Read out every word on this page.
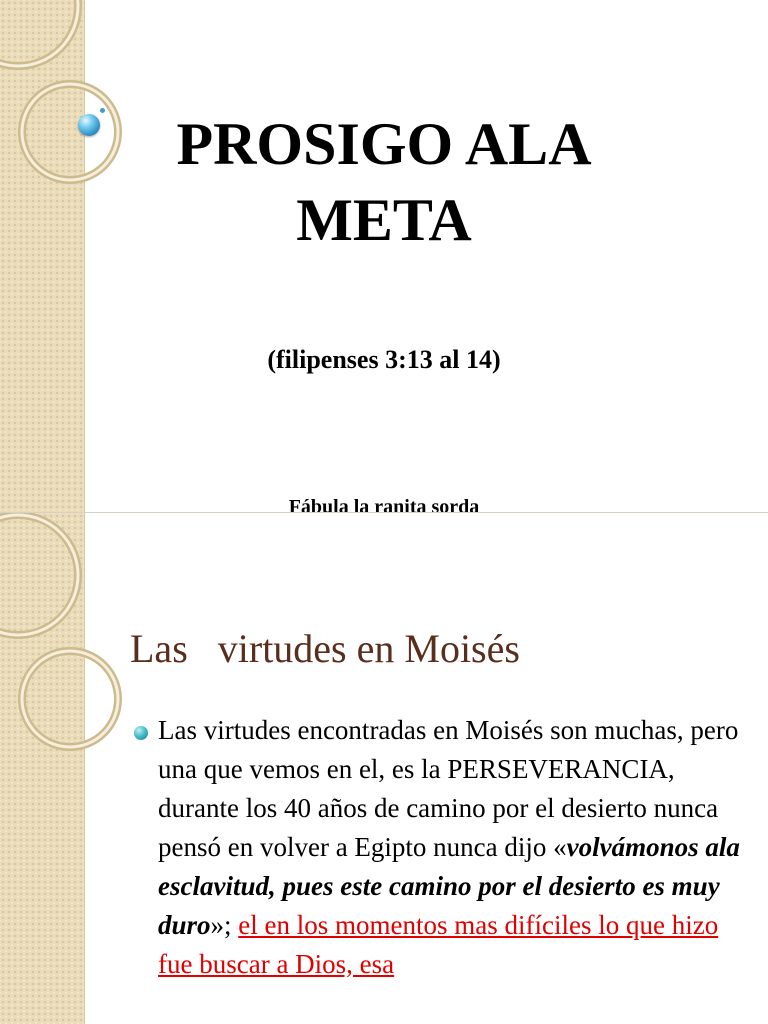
PROSIGO ALA META
(filipenses 3:13 al 14)
Fábula la ranita sorda
Las   virtudes en Moisés
Las virtudes encontradas en Moisés son muchas, pero una que vemos en el, es la PERSEVERANCIA, durante los 40 años de camino por el desierto nunca pensó en volver a Egipto nunca dijo «volvámonos ala esclavitud, pues este camino por el desierto es muy duro»; el en los momentos mas difíciles lo que hizo fue buscar a Dios, esa
